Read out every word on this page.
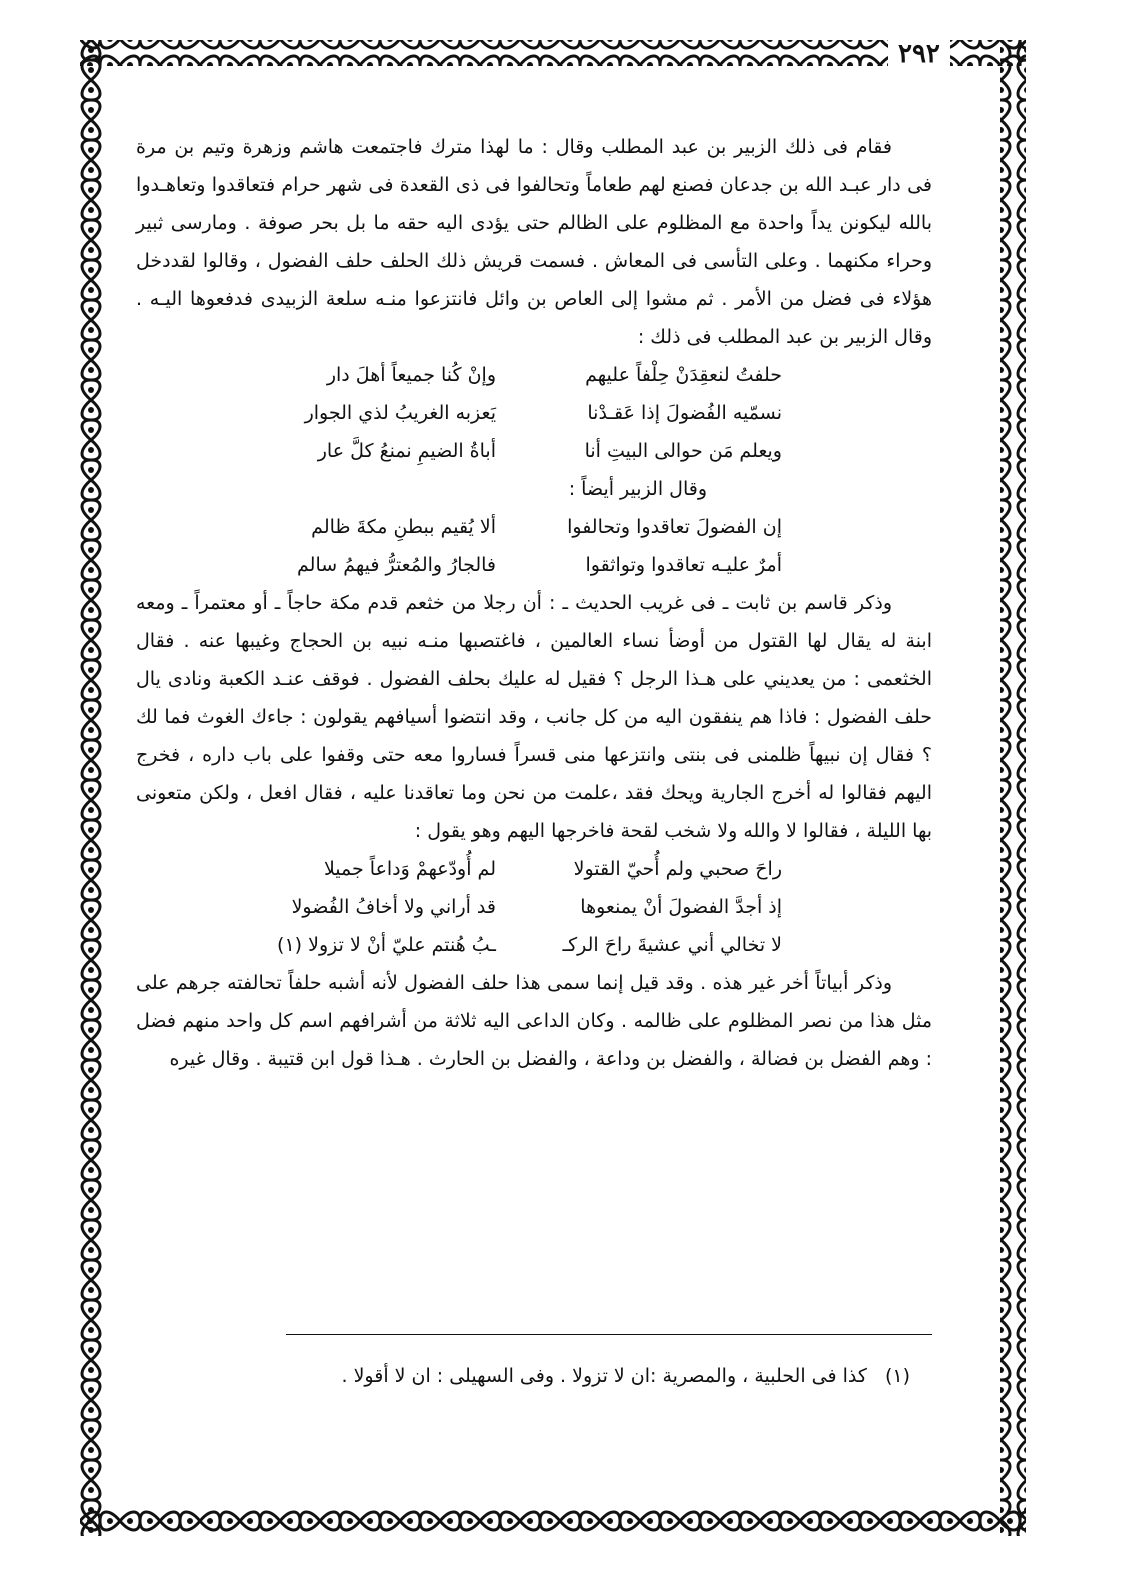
٢٩٢

فقام فى ذلك الزبير بن عبد المطلب وقال : ما لهذا مترك فاجتمعت هاشم وزهرة وتيم بن مرة فى دار عبـد الله بن جدعان فصنع لهم طعاماً وتحالفوا فى ذى القعدة فى شهر حرام فتعاقدوا وتعاهـدوا بالله ليكونن يداً واحدة مع المظلوم على الظالم حتى يؤدى اليه حقه ما بل بحر صوفة . ومارسى ثبير وحراء مكنهما . وعلى التأسى فى المعاش . فسمت قريش ذلك الحلف حلف الفضول ، وقالوا لقددخل هؤلاء فى فضل من الأمر . ثم مشوا إلى العاص بن وائل فانتزعوا منـه سلعة الزبيدى فدفعوها اليـه . وقال الزبير بن عبد المطلب فى ذلك :

حلفتُ لنعقِدَنْ حِلْفاً عليهم
وإنْ كُنا جميعاً أهلَ دار
نسمّيه الفُضولَ إذا عَقـدْنا
يَعزبه الغريبُ لذي الجوار
ويعلم مَن حوالى البيتِ أنا
أباةُ الضيمِ نمنعُ كلَّ عار

وقال الزبير أيضاً :

إن الفضولَ تعاقدوا وتحالفوا
ألا يُقيم ببطنِ مكةَ ظالم
أمرٌ عليـه تعاقدوا وتواثقوا
فالجارُ والمُعترُّ فيهمُ سالم

وذكر قاسم بن ثابت ـ فى غريب الحديث ـ : أن رجلا من خثعم قدم مكة حاجاً ـ أو معتمراً ـ ومعه ابنة له يقال لها القتول من أوضأ نساء العالمين ، فاغتصبها منـه نبيه بن الحجاج وغيبها عنه . فقال الخثعمى : من يعديني على هـذا الرجل ؟ فقيل له عليك بحلف الفضول . فوقف عنـد الكعبة ونادى يال حلف الفضول : فاذا هم ينفقون اليه من كل جانب ، وقد انتضوا أسيافهم يقولون : جاءك الغوث فما لك ؟ فقال إن نبيهاً ظلمنى فى بنتى وانتزعها منى قسراً فساروا معه حتى وقفوا على باب داره ، فخرج اليهم فقالوا له أخرج الجارية ويحك فقد ،علمت من نحن وما تعاقدنا عليه ، فقال افعل ، ولكن متعونى بها الليلة ، فقالوا لا والله ولا شخب لقحة فاخرجها اليهم وهو يقول :

راحَ صحبي ولم أُحيّ القتولا
لم أُودّعهمْ وَداعاً جميلا
إذ أجدَّ الفضولَ أنْ يمنعوها
قد أراني ولا أخافُ الفُضولا
لا تخالي أني عشيةَ راحَ الركـ
ـبُ هُنتم عليّ أنْ لا تزولا (١)

وذكر أبياتاً أخر غير هذه . وقد قيل إنما سمى هذا حلف الفضول لأنه أشبه حلفاً تحالفته جرهم على مثل هذا من نصر المظلوم على ظالمه . وكان الداعى اليه ثلاثة من أشرافهم اسم كل واحد منهم فضل : وهم الفضل بن فضالة ، والفضل بن وداعة ، والفضل بن الحارث . هـذا قول ابن قتيبة . وقال غيره

(١)كذا فى الحلبية ، والمصرية :ان لا تزولا . وفى السهيلى : ان لا أقولا .
